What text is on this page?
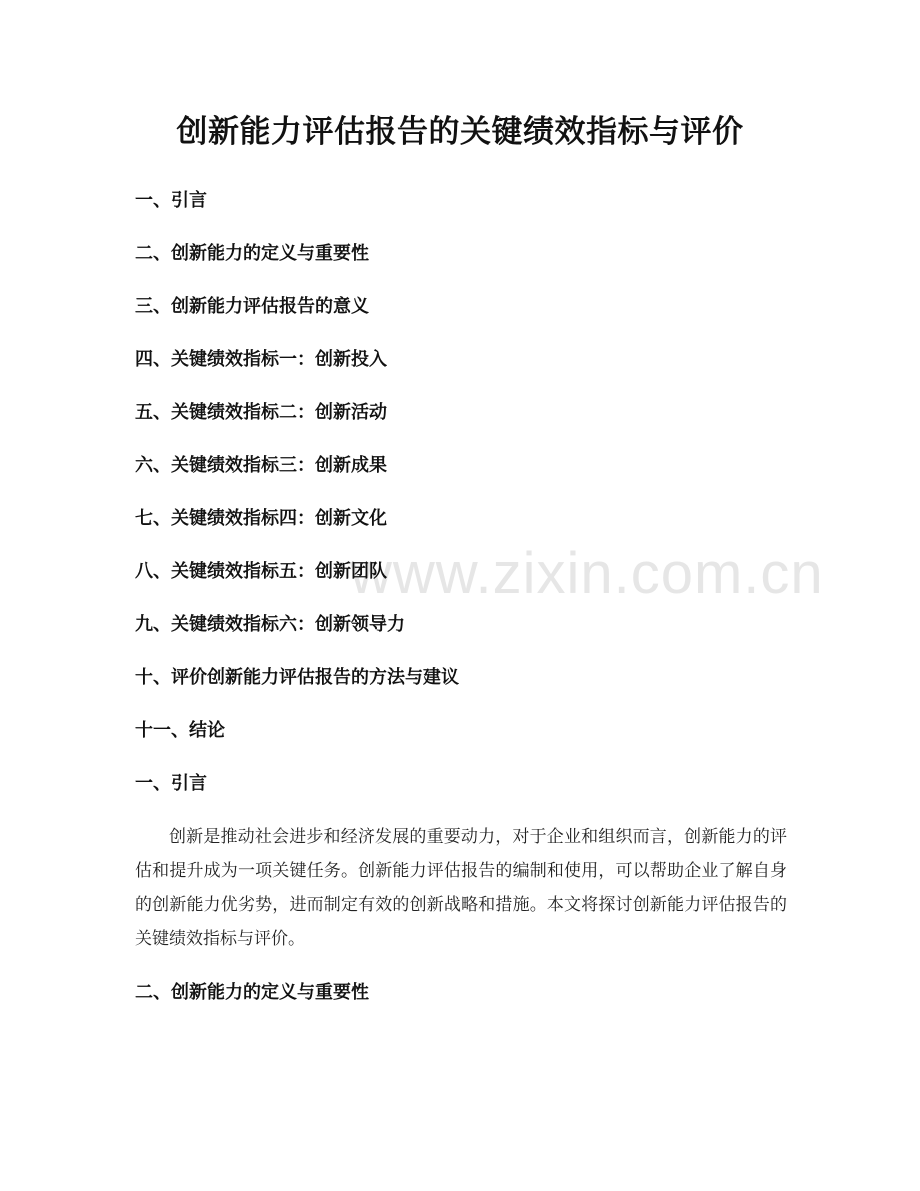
www.zixin.com.cn
创新能力评估报告的关键绩效指标与评价
一、引言
二、创新能力的定义与重要性
三、创新能力评估报告的意义
四、关键绩效指标一：创新投入
五、关键绩效指标二：创新活动
六、关键绩效指标三：创新成果
七、关键绩效指标四：创新文化
八、关键绩效指标五：创新团队
九、关键绩效指标六：创新领导力
十、评价创新能力评估报告的方法与建议
十一、结论
一、引言
创新是推动社会进步和经济发展的重要动力，对于企业和组织而言，创新能力的评估和提升成为一项关键任务。创新能力评估报告的编制和使用，可以帮助企业了解自身的创新能力优劣势，进而制定有效的创新战略和措施。本文将探讨创新能力评估报告的关键绩效指标与评价。
二、创新能力的定义与重要性
